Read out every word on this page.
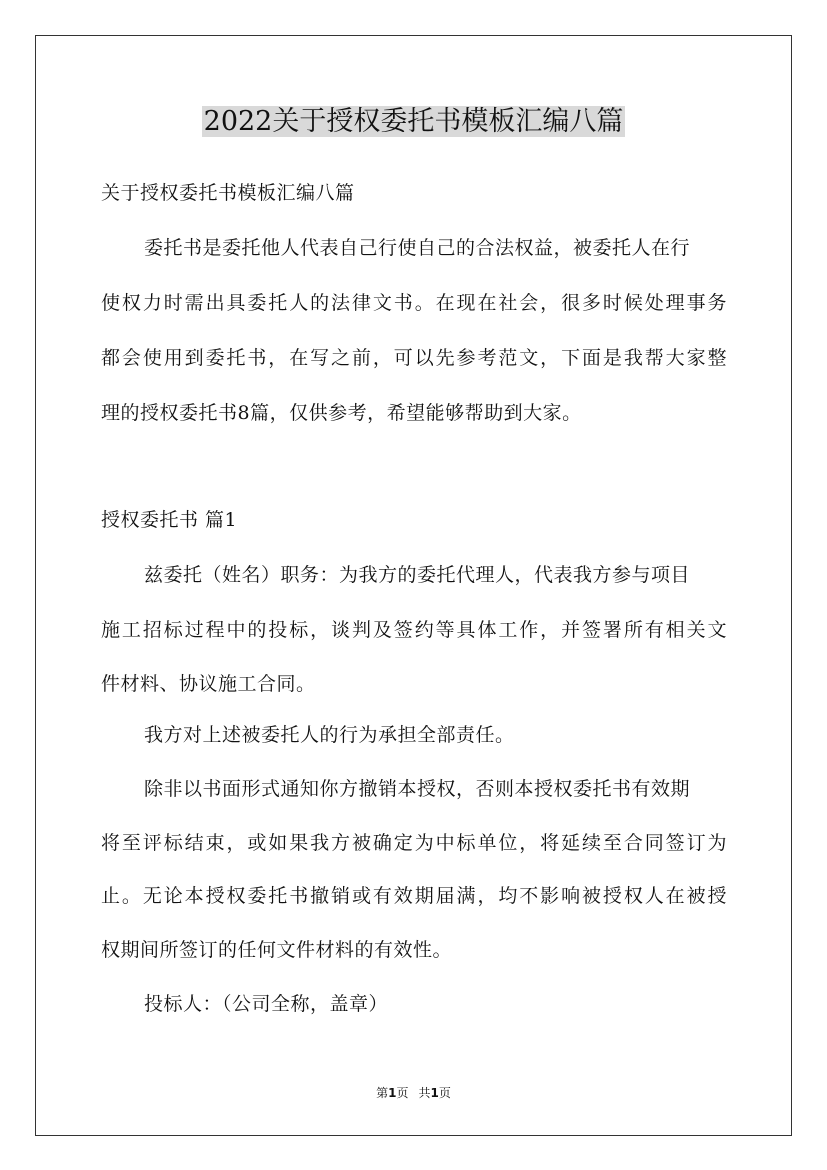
2022关于授权委托书模板汇编八篇
关于授权委托书模板汇编八篇
委托书是委托他人代表自己行使自己的合法权益，被委托人在行
使权力时需出具委托人的法律文书。在现在社会，很多时候处理事务
都会使用到委托书，在写之前，可以先参考范文，下面是我帮大家整
理的授权委托书8篇，仅供参考，希望能够帮助到大家。
授权委托书 篇1
兹委托（姓名）职务：为我方的委托代理人，代表我方参与项目
施工招标过程中的投标，谈判及签约等具体工作，并签署所有相关文
件材料、协议施工合同。
我方对上述被委托人的行为承担全部责任。
除非以书面形式通知你方撤销本授权，否则本授权委托书有效期
将至评标结束，或如果我方被确定为中标单位，将延续至合同签订为
止。无论本授权委托书撤销或有效期届满，均不影响被授权人在被授
权期间所签订的任何文件材料的有效性。
投标人：（公司全称，盖章）
第1页 共1页
